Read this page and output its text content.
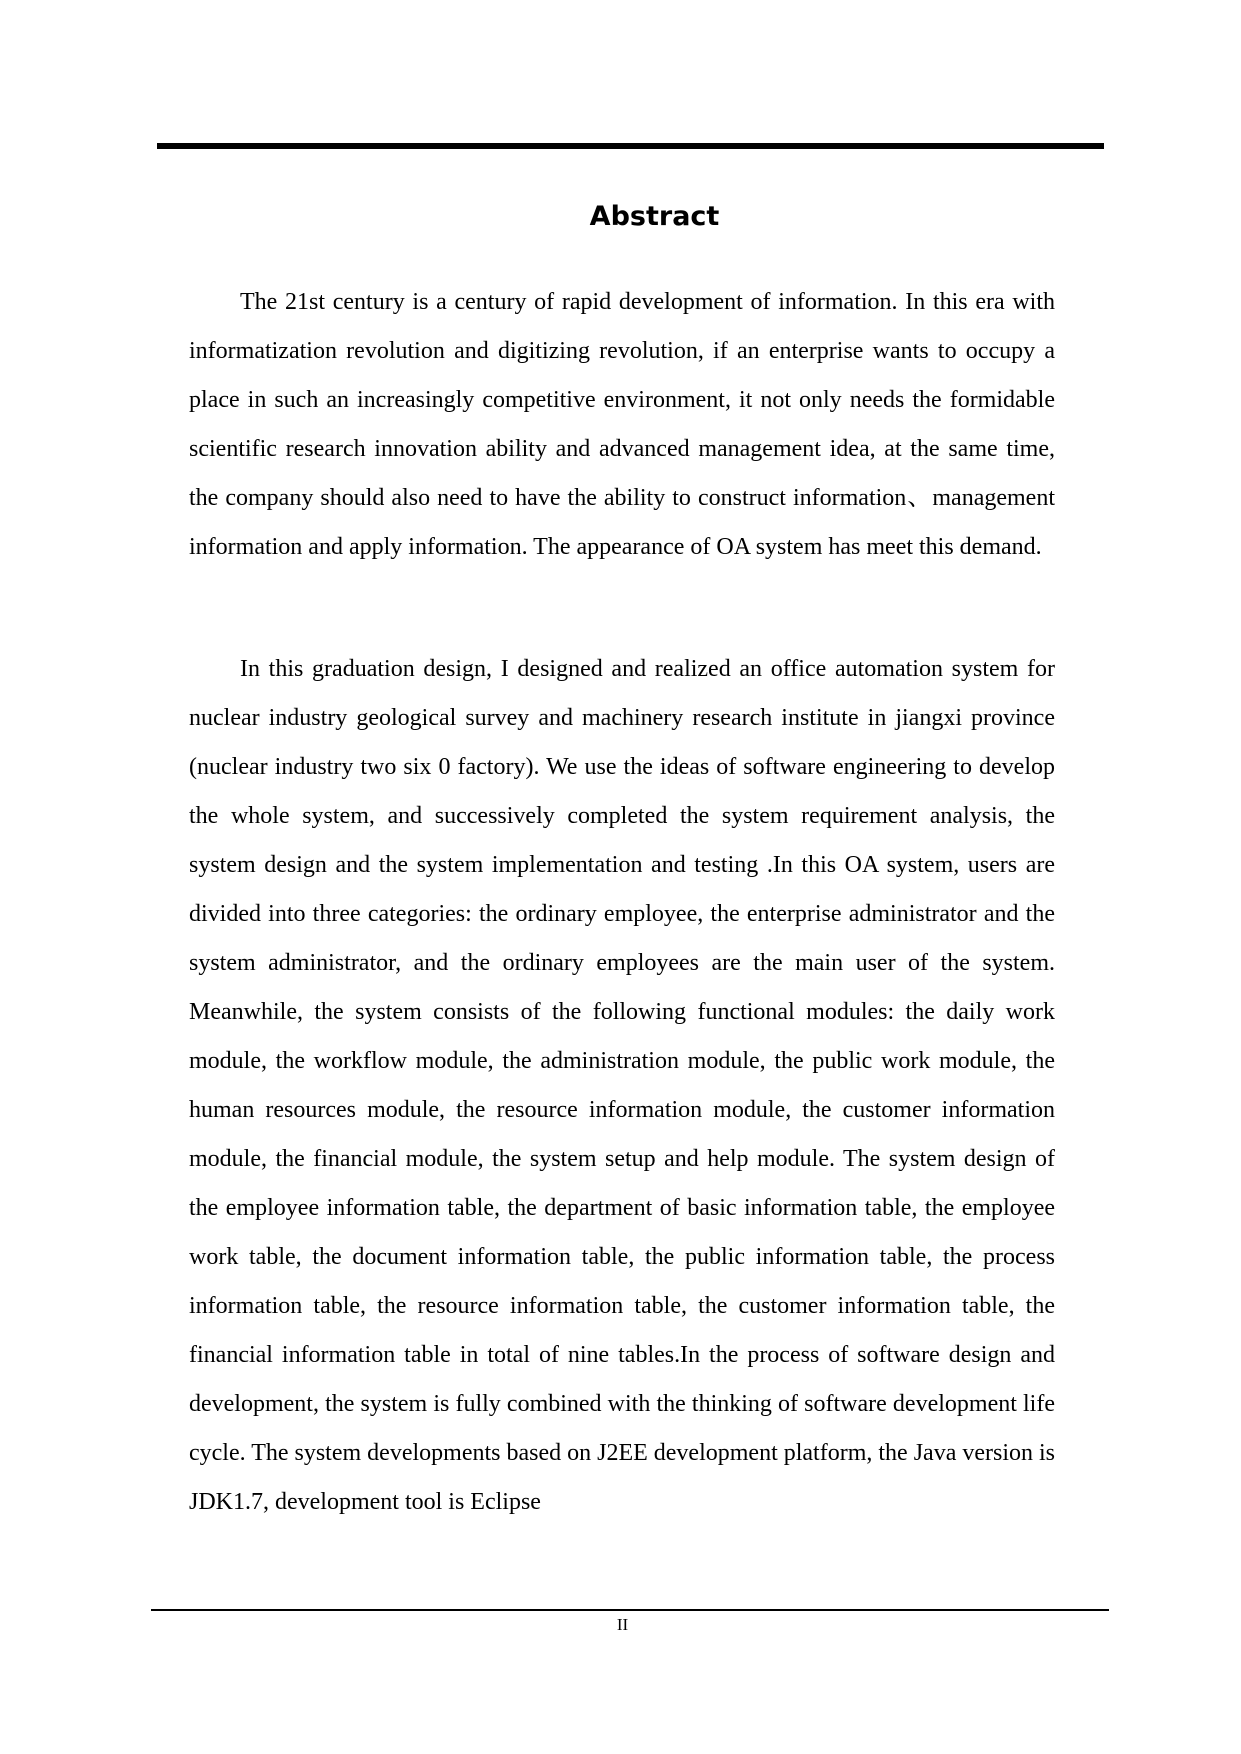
Abstract

The 21st century is a century of rapid development of information. In this era with informatization revolution and digitizing revolution, if an enterprise wants to occupy a place in such an increasingly competitive environment, it not only needs the formidable scientific research innovation ability and advanced management idea, at the same time, the company should also need to have the ability to construct information、management information and apply information. The appearance of OA system has meet this demand.

In this graduation design, I designed and realized an office automation system for nuclear industry geological survey and machinery research institute in jiangxi province (nuclear industry two six 0 factory). We use the ideas of software engineering to develop the whole system, and successively completed the system requirement analysis, the system design and the system implementation and testing .In this OA system, users are divided into three categories: the ordinary employee, the enterprise administrator and the system administrator, and the ordinary employees are the main user of the system. Meanwhile, the system consists of the following functional modules: the daily work module, the workflow module, the administration module, the public work module, the human resources module, the resource information module, the customer information module, the financial module, the system setup and help module. The system design of the employee information table, the department of basic information table, the employee work table, the document information table, the public information table, the process information table, the resource information table, the customer information table, the financial information table in total of nine tables.In the process of software design and development, the system is fully combined with the thinking of software development life cycle. The system developments based on J2EE development platform, the Java version is JDK1.7, development tool is Eclipse

II
